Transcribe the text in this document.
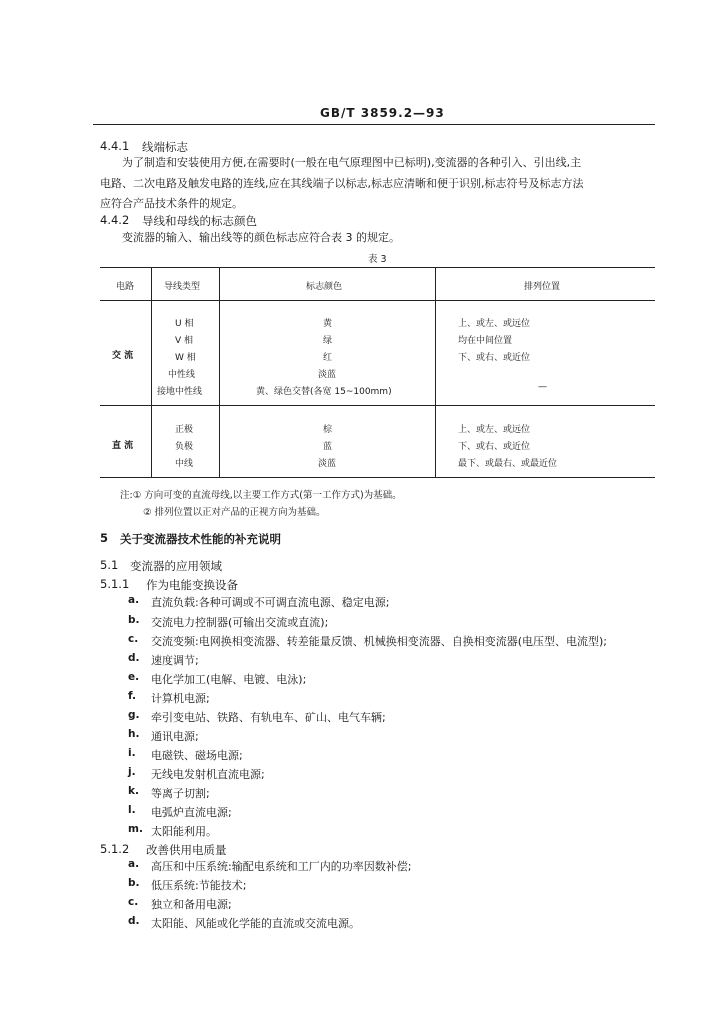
GB/T 3859.2—93
4.4.1 线端标志
为了制造和安装使用方便,在需要时(一般在电气原理图中已标明),变流器的各种引入、引出线,主
电路、二次电路及触发电路的连线,应在其线端子以标志,标志应清晰和便于识别,标志符号及标志方法
应符合产品技术条件的规定。
4.4.2 导线和母线的标志颜色
变流器的输入、输出线等的颜色标志应符合表 3 的规定。
表 3
电路	导线类型	标志颜色	排列位置
交 流
U 相	黄	上、或左、或远位
V 相	绿	均在中间位置
W 相	红	下、或右、或近位
中性线	淡蓝
接地中性线	黄、绿色交替(各宽 15~100mm)	—
直 流
正极	棕	上、或左、或远位
负极	蓝	下、或右、或近位
中线	淡蓝	最下、或最右、或最近位
注:① 方向可变的直流母线,以主要工作方式(第一工作方式)为基础。
② 排列位置以正对产品的正视方向为基础。
5 关于变流器技术性能的补充说明
5.1 变流器的应用领域
5.1.1 作为电能变换设备
a. 直流负载:各种可调或不可调直流电源、稳定电源;
b. 交流电力控制器(可输出交流或直流);
c. 交流变频:电网换相变流器、转差能量反馈、机械换相变流器、自换相变流器(电压型、电流型);
d. 速度调节;
e. 电化学加工(电解、电镀、电泳);
f. 计算机电源;
g. 牵引变电站、铁路、有轨电车、矿山、电气车辆;
h. 通讯电源;
i. 电磁铁、磁场电源;
j. 无线电发射机直流电源;
k. 等离子切割;
l. 电弧炉直流电源;
m. 太阳能利用。
5.1.2 改善供用电质量
a. 高压和中压系统:输配电系统和工厂内的功率因数补偿;
b. 低压系统:节能技术;
c. 独立和备用电源;
d. 太阳能、风能或化学能的直流或交流电源。
